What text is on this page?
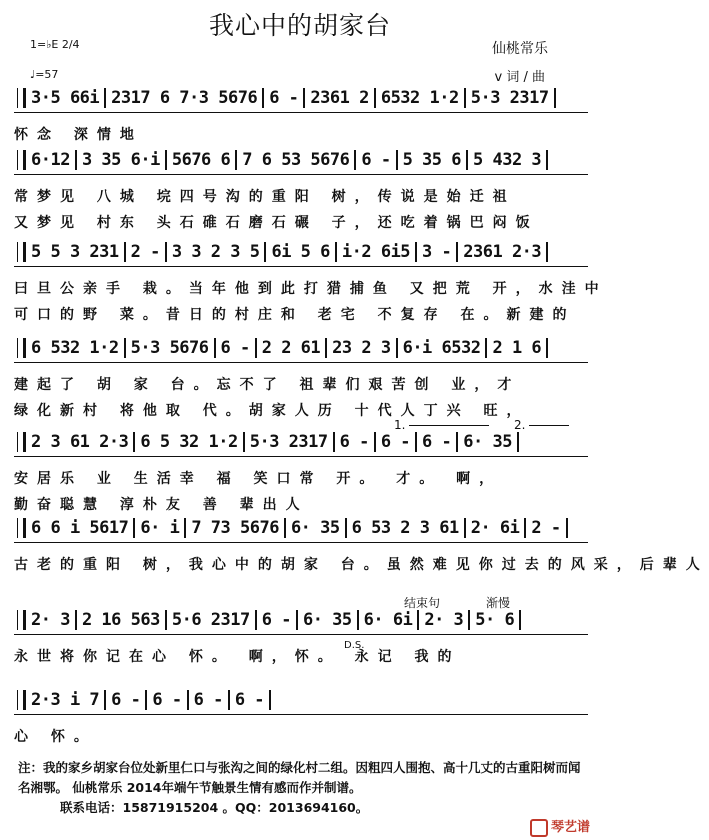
我心中的胡家台
仙桃常乐
v 词 / 曲
1=♭E 2/4
♩=57
3·5 66i 2317 6 7·3 5676 6 - 2361 2 6532 1·2 5·3 2317
怀念 深情地
6·12 3 35 6·i 5676 6 7 6 53 5676 6 - 5 35 6 5 432 3
常梦见 八城 垸四号沟的重阳 树，传说是始迁祖
又梦见 村东 头石碓石磨石碾 子，还吃着锅巴闷饭
5 5 3 231 2 - 3 3 2 3 5 6i 5 6 i·2 6i5 3 - 2361 2·3
曰旦公亲手 栽。当年他到此打猎捕鱼 又把荒 开，水洼中
可口的野 菜。昔日的村庄和 老宅 不复存 在。新建的
6 532 1·2 5·3 5676 6 - 2 2 61 23 2 3 6·i 6532 2 1 6
建起了 胡 家 台。忘不了 祖辈们艰苦创 业，才
绿化新村 将他取 代。胡家人历 十代人丁兴 旺，
2 3 61 2·3 6 5 32 1·2 5·3 2317 6 - 6 - 6 - 6· 35
安居乐 业 生活幸 福 笑口常 开。 才。 啊，
勤奋聪慧 淳朴友 善 辈出人
1.	2.
6 6 i 5617 6· i 7 73 5676 6· 35 6 53 2 3 61 2· 6i 2 -
古老的重阳 树，我心中的胡家 台。虽然难见你过去的风采，后辈人
2· 3 2 16 563 5·6 2317 6 - 6· 35 6· 6i 2· 3 5· 6
永世将你记在心 怀。 啊，怀。 永记 我的
结束句	渐慢
D.S.
2·3 i 7 6 - 6 - 6 - 6 -
心 怀。
注：我的家乡胡家台位处新里仁口与张沟之间的绿化村二组。因粗四人围抱、高十几丈的古重阳树而闻名湘鄂。 仙桃常乐 2014年端午节触景生情有感而作并制谱。
联系电话：15871915204 。QQ：2013694160。
琴艺谱
